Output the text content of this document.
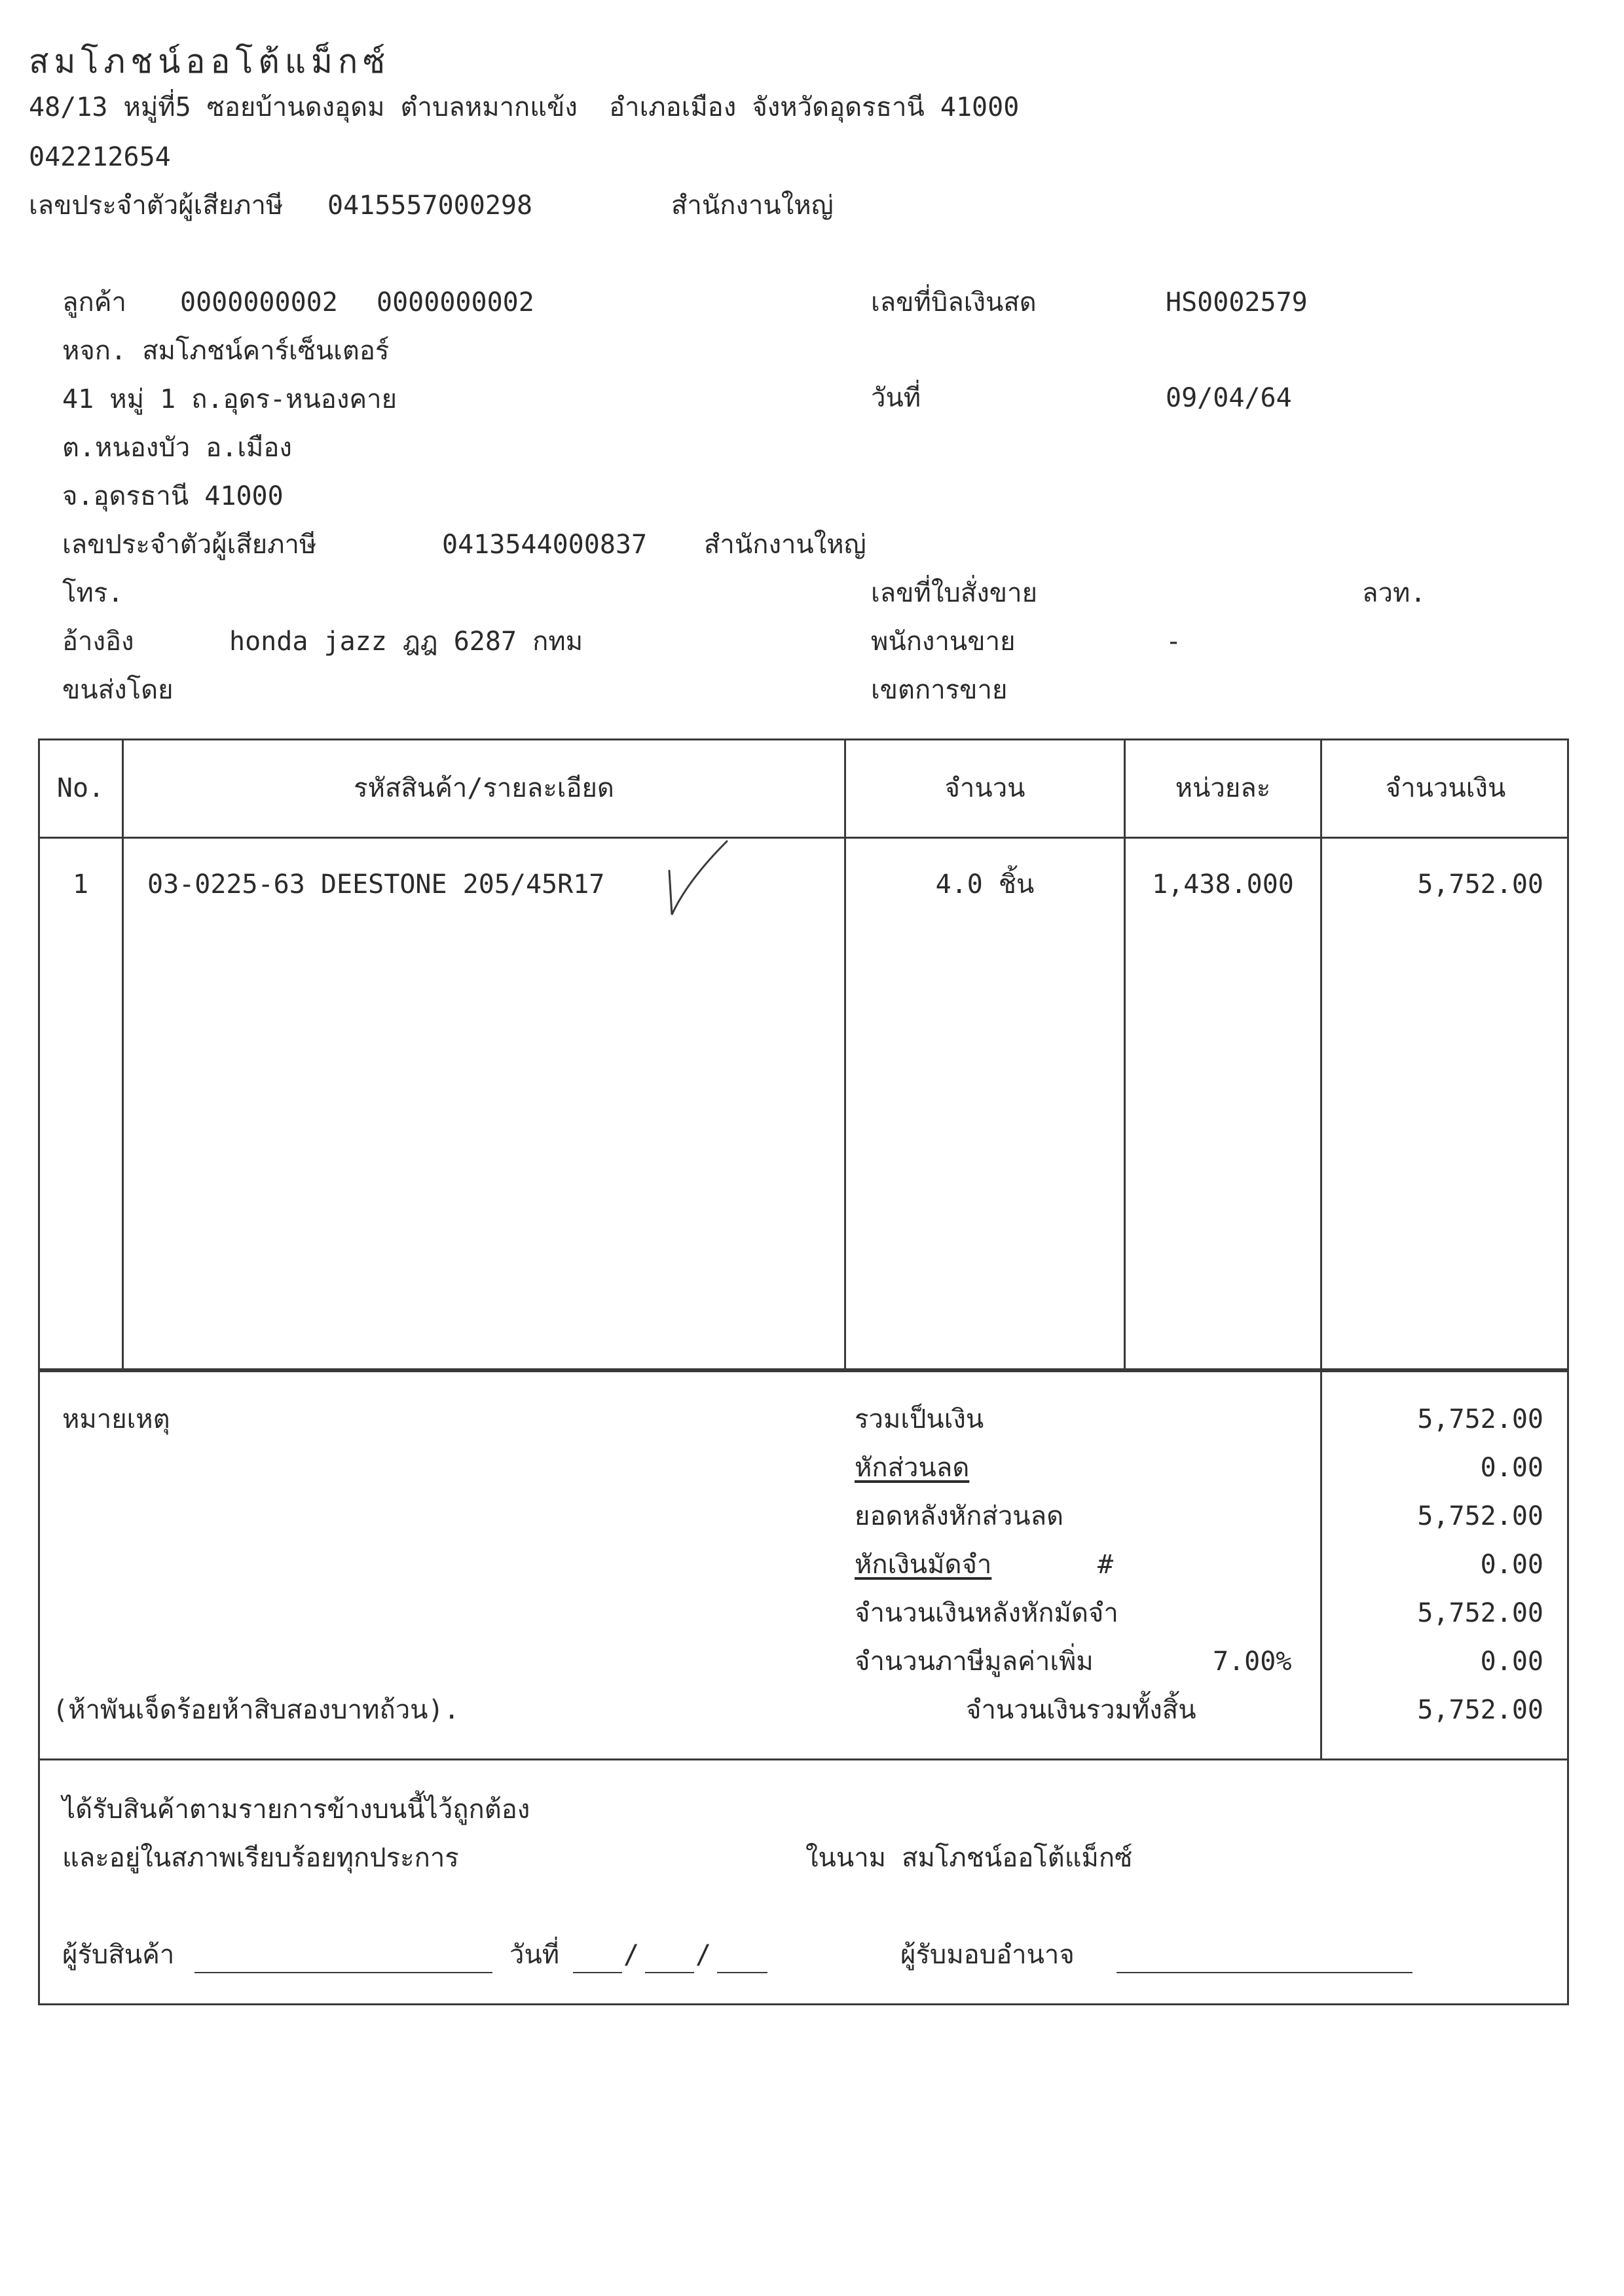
สมโภชน์ออโต้แม็กซ์
48/13 หมู่ที่5 ซอยบ้านดงอุดม ตำบลหมากแข้ง  อำเภอเมือง จังหวัดอุดรธานี 41000
042212654
เลขประจำตัวผู้เสียภาษี 0415557000298	สำนักงานใหญ่
ลูกค้า 0000000002 0000000002
หจก. สมโภชน์คาร์เซ็นเตอร์
41 หมู่ 1 ถ.อุดร-หนองคาย
ต.หนองบัว อ.เมือง
จ.อุดรธานี 41000
เลขประจำตัวผู้เสียภาษี	0413544000837 สำนักงานใหญ่
โทร.
อ้างอิง	honda jazz ฎฎ 6287 กทม
ขนส่งโดย
เลขที่บิลเงินสด	HS0002579
วันที่	09/04/64
เลขที่ใบสั่งขาย	ลวท.
พนักงานขาย	-
เขตการขาย
No.	รหัสสินค้า/รายละเอียด	จำนวน	หน่วยละ	จำนวนเงิน
1	03-0225-63 DEESTONE 205/45R17	4.0 ชิ้น	1,438.000	5,752.00
หมายเหตุ
(ห้าพันเจ็ดร้อยห้าสิบสองบาทถ้วน).
รวมเป็นเงิน	5,752.00
หักส่วนลด	0.00
ยอดหลังหักส่วนลด	5,752.00
หักเงินมัดจำ	#	0.00
จำนวนเงินหลังหักมัดจำ	5,752.00
จำนวนภาษีมูลค่าเพิ่ม	7.00%	0.00
จำนวนเงินรวมทั้งสิ้น	5,752.00
ได้รับสินค้าตามรายการข้างบนนี้ไว้ถูกต้อง
และอยู่ในสภาพเรียบร้อยทุกประการ	ในนาม สมโภชน์ออโต้แม็กซ์
ผู้รับสินค้า	วันที่ / /	ผู้รับมอบอำนาจ
